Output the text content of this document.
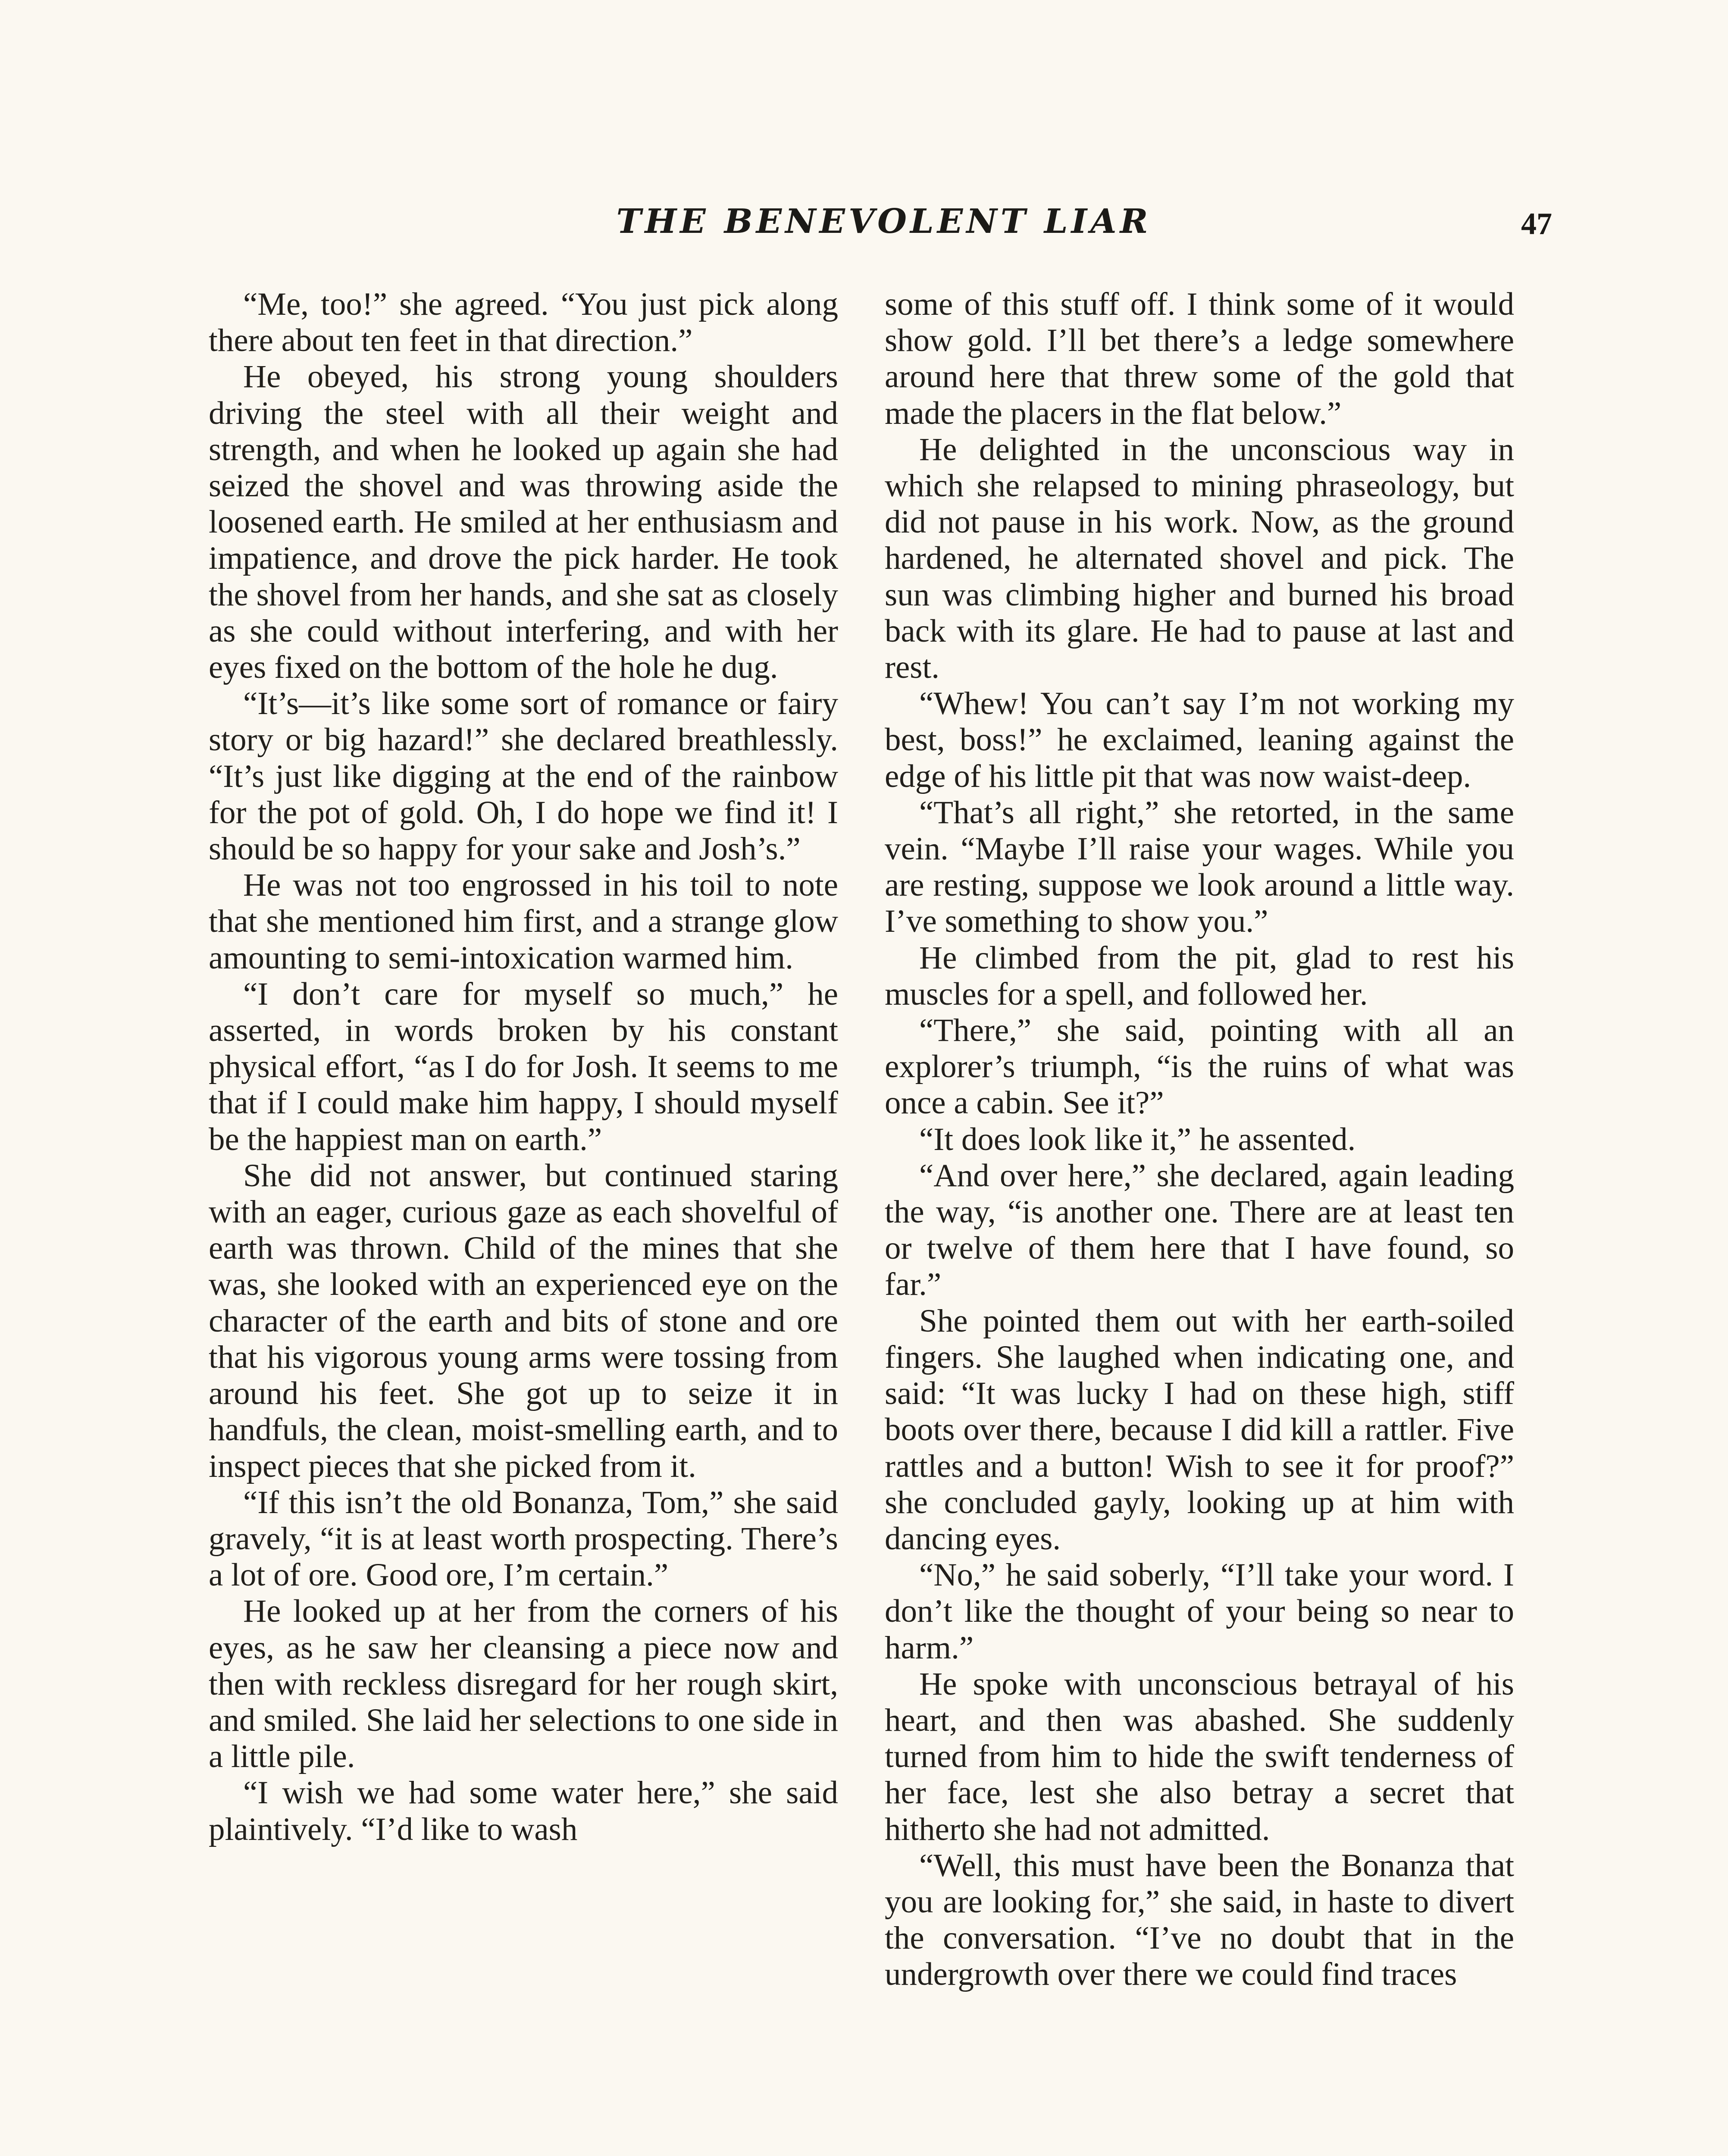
THE BENEVOLENT LIAR	47

“Me, too!” she agreed. “You just pick along there about ten feet in that direction.”

He obeyed, his strong young shoulders driving the steel with all their weight and strength, and when he looked up again she had seized the shovel and was throwing aside the loosened earth. He smiled at her enthusiasm and impatience, and drove the pick harder. He took the shovel from her hands, and she sat as closely as she could without interfering, and with her eyes fixed on the bottom of the hole he dug.

“It’s—it’s like some sort of romance or fairy story or big hazard!” she declared breathlessly. “It’s just like digging at the end of the rainbow for the pot of gold. Oh, I do hope we find it! I should be so happy for your sake and Josh’s.”

He was not too engrossed in his toil to note that she mentioned him first, and a strange glow amounting to semi-intoxication warmed him.

“I don’t care for myself so much,” he asserted, in words broken by his constant physical effort, “as I do for Josh. It seems to me that if I could make him happy, I should myself be the happiest man on earth.”

She did not answer, but continued staring with an eager, curious gaze as each shovelful of earth was thrown. Child of the mines that she was, she looked with an experienced eye on the character of the earth and bits of stone and ore that his vigorous young arms were tossing from around his feet. She got up to seize it in handfuls, the clean, moist-smelling earth, and to inspect pieces that she picked from it.

“If this isn’t the old Bonanza, Tom,” she said gravely, “it is at least worth prospecting. There’s a lot of ore. Good ore, I’m certain.”

He looked up at her from the corners of his eyes, as he saw her cleansing a piece now and then with reckless disregard for her rough skirt, and smiled. She laid her selections to one side in a little pile.

“I wish we had some water here,” she said plaintively. “I’d like to wash

some of this stuff off. I think some of it would show gold. I’ll bet there’s a ledge somewhere around here that threw some of the gold that made the placers in the flat below.”

He delighted in the unconscious way in which she relapsed to mining phraseology, but did not pause in his work. Now, as the ground hardened, he alternated shovel and pick. The sun was climbing higher and burned his broad back with its glare. He had to pause at last and rest.

“Whew! You can’t say I’m not working my best, boss!” he exclaimed, leaning against the edge of his little pit that was now waist-deep.

“That’s all right,” she retorted, in the same vein. “Maybe I’ll raise your wages. While you are resting, suppose we look around a little way. I’ve something to show you.”

He climbed from the pit, glad to rest his muscles for a spell, and followed her.

“There,” she said, pointing with all an explorer’s triumph, “is the ruins of what was once a cabin. See it?”

“It does look like it,” he assented.

“And over here,” she declared, again leading the way, “is another one. There are at least ten or twelve of them here that I have found, so far.”

She pointed them out with her earth-soiled fingers. She laughed when indicating one, and said: “It was lucky I had on these high, stiff boots over there, because I did kill a rattler. Five rattles and a button! Wish to see it for proof?” she concluded gayly, looking up at him with dancing eyes.

“No,” he said soberly, “I’ll take your word. I don’t like the thought of your being so near to harm.”

He spoke with unconscious betrayal of his heart, and then was abashed. She suddenly turned from him to hide the swift tenderness of her face, lest she also betray a secret that hitherto she had not admitted.

“Well, this must have been the Bonanza that you are looking for,” she said, in haste to divert the conversation. “I’ve no doubt that in the undergrowth over there we could find traces
